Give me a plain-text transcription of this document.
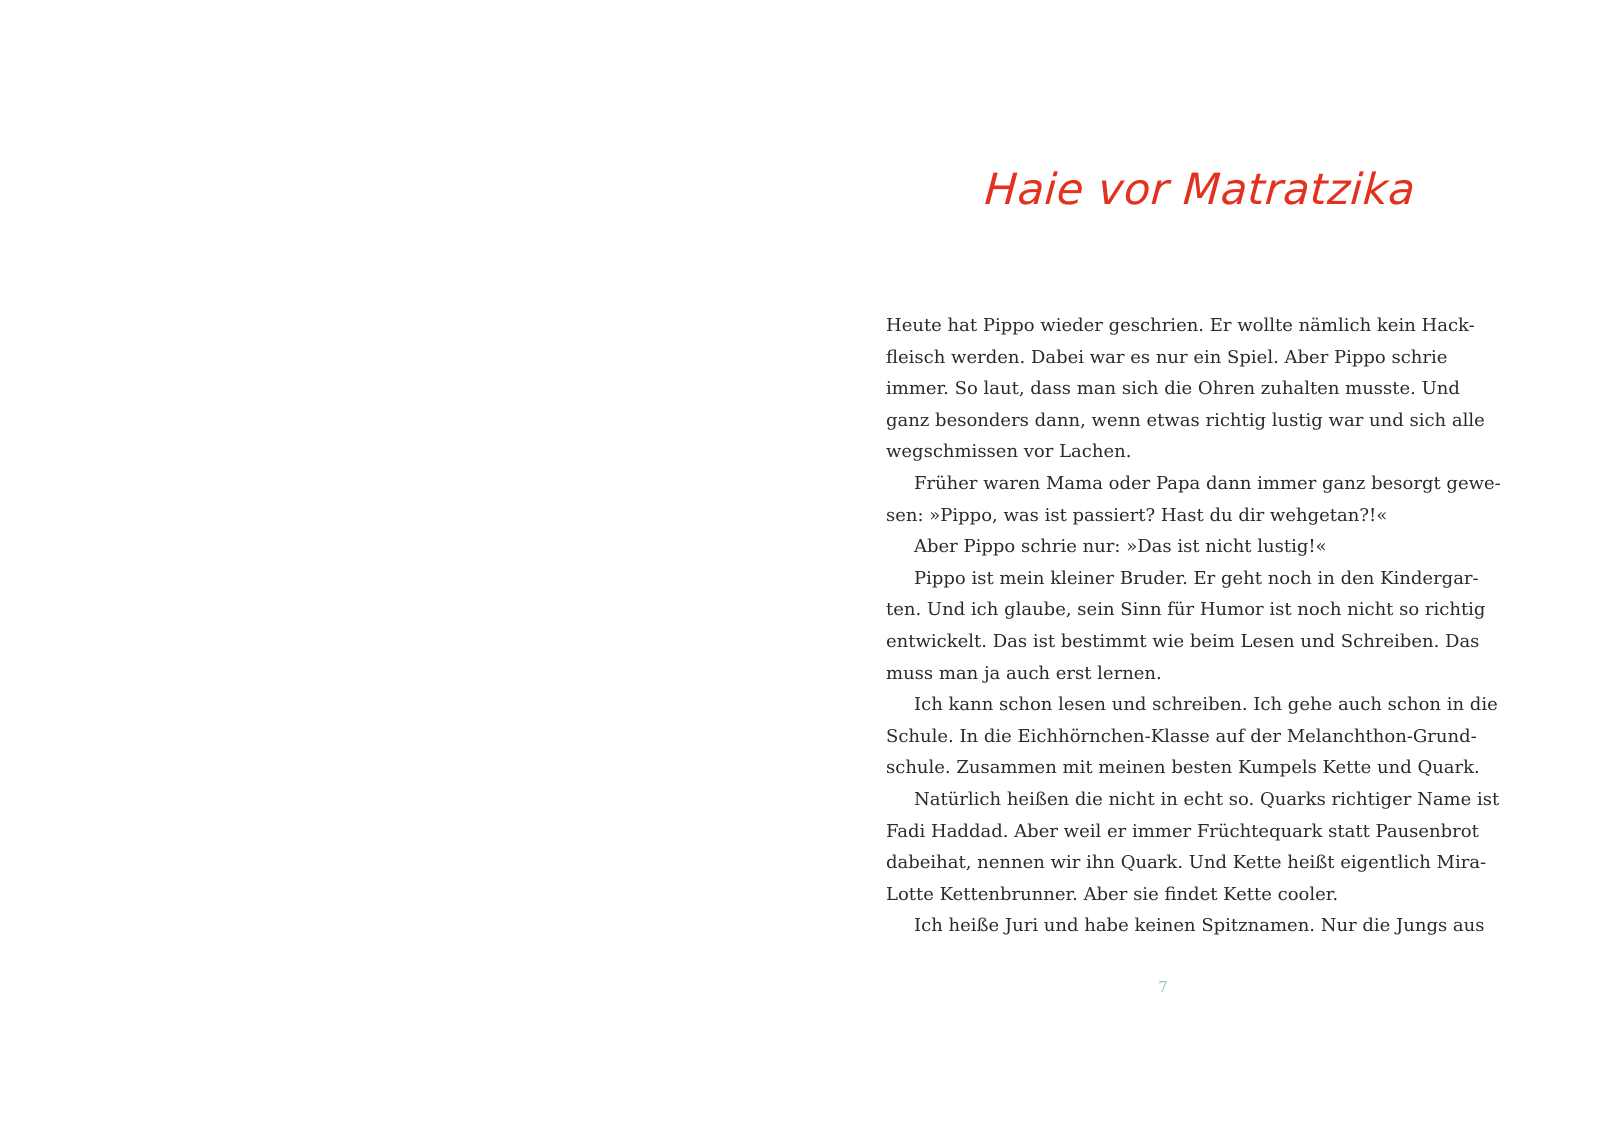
Haie vor Matratzika
Heute hat Pippo wieder geschrien. Er wollte nämlich kein Hack-
fleisch werden. Dabei war es nur ein Spiel. Aber Pippo schrie
immer. So laut, dass man sich die Ohren zuhalten musste. Und
ganz besonders dann, wenn etwas richtig lustig war und sich alle
wegschmissen vor Lachen.
Früher waren Mama oder Papa dann immer ganz besorgt gewe-
sen: »Pippo, was ist passiert? Hast du dir wehgetan?!«
Aber Pippo schrie nur: »Das ist nicht lustig!«
Pippo ist mein kleiner Bruder. Er geht noch in den Kindergar-
ten. Und ich glaube, sein Sinn für Humor ist noch nicht so richtig
entwickelt. Das ist bestimmt wie beim Lesen und Schreiben. Das
muss man ja auch erst lernen.
Ich kann schon lesen und schreiben. Ich gehe auch schon in die
Schule. In die Eichhörnchen-Klasse auf der Melanchthon-Grund-
schule. Zusammen mit meinen besten Kumpels Kette und Quark.
Natürlich heißen die nicht in echt so. Quarks richtiger Name ist
Fadi Haddad. Aber weil er immer Früchtequark statt Pausenbrot
dabeihat, nennen wir ihn Quark. Und Kette heißt eigentlich Mira-
Lotte Kettenbrunner. Aber sie findet Kette cooler.
Ich heiße Juri und habe keinen Spitznamen. Nur die Jungs aus
7
